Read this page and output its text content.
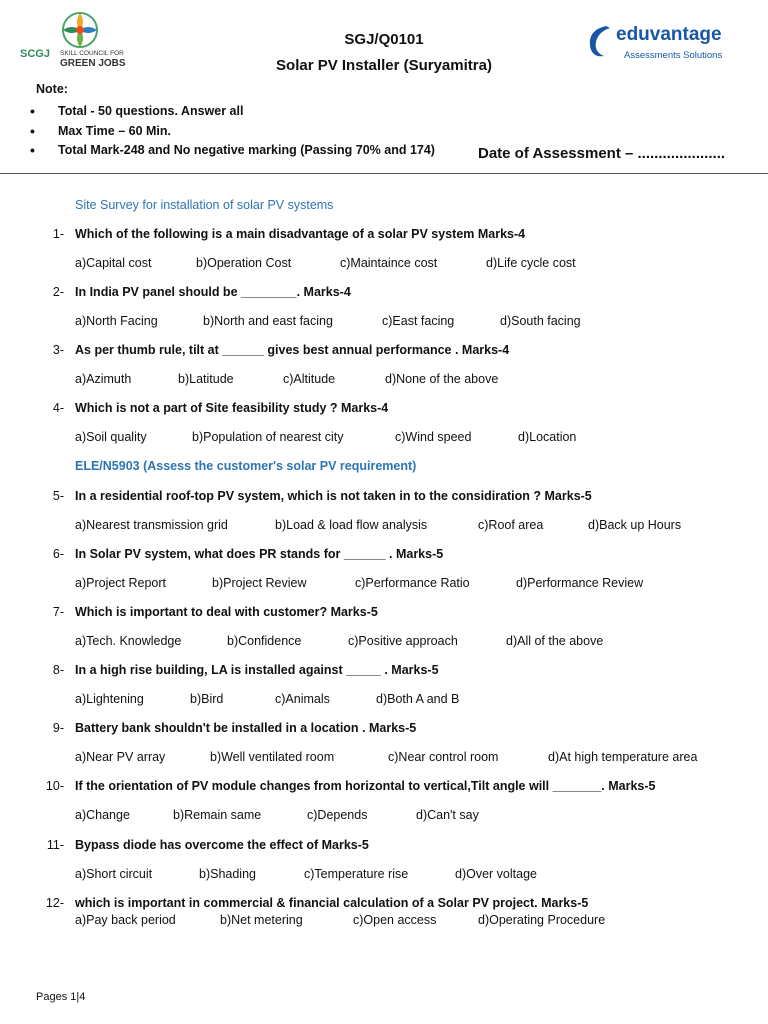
SCGJ SKILL COUNCIL FOR
GREEN JOBS
eduvantage
Assessments Solutions
SGJ/Q0101
Solar PV Installer (Suryamitra)
Note:
• Total - 50 questions. Answer all
• Max Time – 60 Min.
• Total Mark-248 and No negative marking (Passing 70% and 174)	Date of Assessment – .....................
Site Survey for installation of solar PV systems
ELE/N5903 (Assess the customer's solar PV requirement)
1- Which of the following is a main disadvantage of a solar PV system Marks-4
a)Capital cost	b)Operation Cost	c)Maintaince cost	d)Life cycle cost
2- In India PV panel should be ________. Marks-4
a)North Facing	b)North and east facing	c)East facing	d)South facing
3- As per thumb rule, tilt at ______ gives best annual performance . Marks-4
a)Azimuth	b)Latitude	c)Altitude	d)None of the above
4- Which is not a part of Site feasibility study ? Marks-4
a)Soil quality	b)Population of nearest city	c)Wind speed	d)Location
5- In a residential roof-top PV system, which is not taken in to the considiration ? Marks-5
a)Nearest transmission grid	b)Load & load flow analysis	c)Roof area	d)Back up Hours
6- In Solar PV system, what does PR stands for ______ . Marks-5
a)Project Report	b)Project Review	c)Performance Ratio	d)Performance Review
7- Which is important to deal with customer? Marks-5
a)Tech. Knowledge	b)Confidence	c)Positive approach	d)All of the above
8- In a high rise building, LA is installed against _____ . Marks-5
a)Lightening	b)Bird	c)Animals	d)Both A and B
9- Battery bank shouldn't be installed in a location . Marks-5
a)Near PV array	b)Well ventilated room	c)Near control room	d)At high temperature area
10- If the orientation of PV module changes from horizontal to vertical,Tilt angle will _______. Marks-5
a)Change	b)Remain same	c)Depends	d)Can't say
11- Bypass diode has overcome the effect of Marks-5
a)Short circuit	b)Shading	c)Temperature rise	d)Over voltage
12- which is important in commercial & financial calculation of a Solar PV project. Marks-5
a)Pay back period	b)Net metering	c)Open access	d)Operating Procedure
Pages 1|4
